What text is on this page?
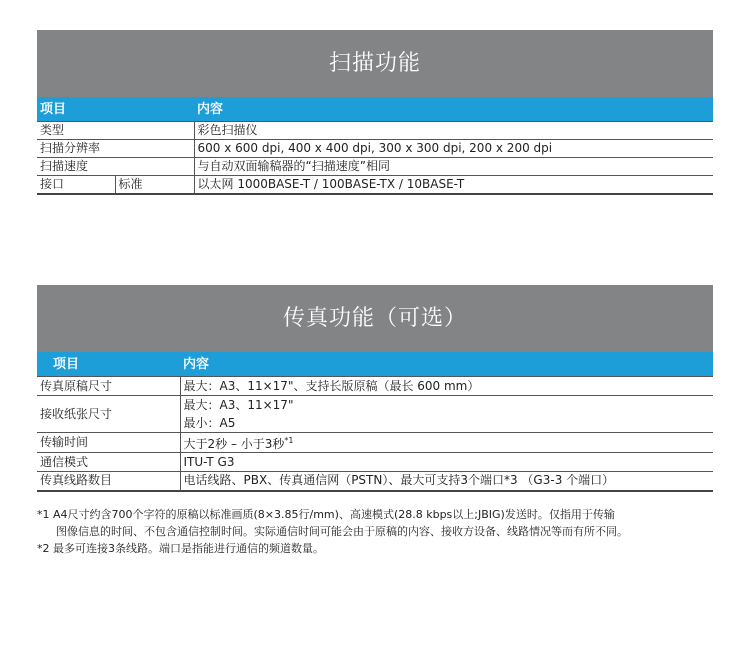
扫描功能
项目		内容
类型		彩色扫描仪
扫描分辨率		600 x 600 dpi, 400 x 400 dpi, 300 x 300 dpi, 200 x 200 dpi
扫描速度		与自动双面输稿器的“扫描速度”相同
接口	标准	以太网 1000BASE-T / 100BASE-TX / 10BASE-T
传真功能（可选）
项目	内容
传真原稿尺寸	最大：A3、11×17"、支持长版原稿（最长 600 mm）
接收纸张尺寸	最大：A3、11×17"
最小：A5

传输时间	大于2秒 – 小于3秒$^{*1}$
通信模式	ITU-T G3
传真线路数目	电话线路、PBX、传真通信网（PSTN）、最大可支持3个端口*3 （G3-3 个端口）
*1 A4尺寸约含700个字符的原稿以标准画质(8×3.85行/mm)、高速模式(28.8 kbps以上;JBIG)发送时。仅指用于传输
图像信息的时间、不包含通信控制时间。实际通信时间可能会由于原稿的内容、接收方设备、线路情况等而有所不同。
*2 最多可连接3条线路。端口是指能进行通信的频道数量。
